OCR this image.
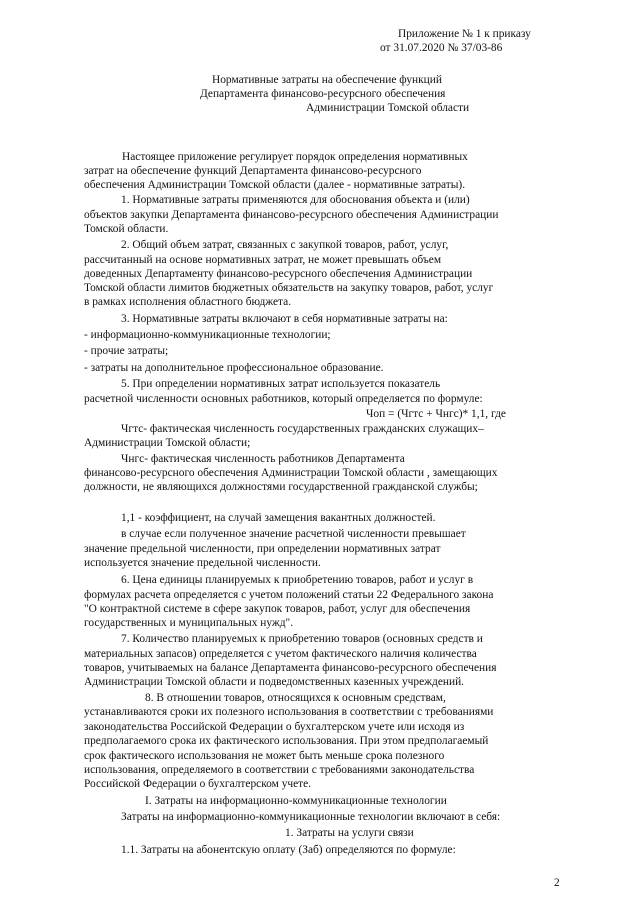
Приложение № 1 к приказу
от 31.07.2020 № 37/03-86
Нормативные затраты на обеспечение функций
Департамента финансово-ресурсного обеспечения
Администрации Томской области
Настоящее приложение регулирует порядок определения нормативных
затрат на обеспечение функций Департамента финансово-ресурсного
обеспечения Администрации Томской области (далее - нормативные затраты).
1. Нормативные затраты применяются для обоснования объекта и (или)
объектов закупки Департамента финансово-ресурсного обеспечения Администрации
Томской области.
2. Общий объем затрат, связанных с закупкой товаров, работ, услуг,
рассчитанный на основе нормативных затрат, не может превышать объем
доведенных Департаменту финансово-ресурсного обеспечения Администрации
Томской области лимитов бюджетных обязательств на закупку товаров, работ, услуг
в рамках исполнения областного бюджета.
3. Нормативные затраты включают в себя нормативные затраты на:
- информационно-коммуникационные технологии;
- прочие затраты;
- затраты на дополнительное профессиональное образование.
5. При определении нормативных затрат используется показатель
расчетной численности основных работников, который определяется по формуле:
Чоп = (Чгтс + Чнгс)* 1,1, где
Чгтс- фактическая численность государственных гражданских служащих–
Администрации Томской области;
Чнгс- фактическая численность работников Департамента
финансово-ресурсного обеспечения Администрации Томской области , замещающих
должности, не являющихся должностями государственной гражданской службы;
1,1 - коэффициент, на случай замещения вакантных должностей.
в случае если полученное значение расчетной численности превышает
значение предельной численности, при определении нормативных затрат
используется значение предельной численности.
6. Цена единицы планируемых к приобретению товаров, работ и услуг в
формулах расчета определяется с учетом положений статьи 22 Федерального закона
"О контрактной системе в сфере закупок товаров, работ, услуг для обеспечения
государственных и муниципальных нужд".
7. Количество планируемых к приобретению товаров (основных средств и
материальных запасов) определяется с учетом фактического наличия количества
товаров, учитываемых на балансе Департамента финансово-ресурсного обеспечения
Администрации Томской области и подведомственных казенных учреждений.
8. В отношении товаров, относящихся к основным средствам,
устанавливаются сроки их полезного использования в соответствии с требованиями
законодательства Российской Федерации о бухгалтерском учете или исходя из
предполагаемого срока их фактического использования. При этом предполагаемый
срок фактического использования не может быть меньше срока полезного
использования, определяемого в соответствии с требованиями законодательства
Российской Федерации о бухгалтерском учете.
I. Затраты на информационно-коммуникационные технологии
Затраты на информационно-коммуникационные технологии включают в себя:
1. Затраты на услуги связи
1.1. Затраты на абонентскую оплату (Заб) определяются по формуле:
2
